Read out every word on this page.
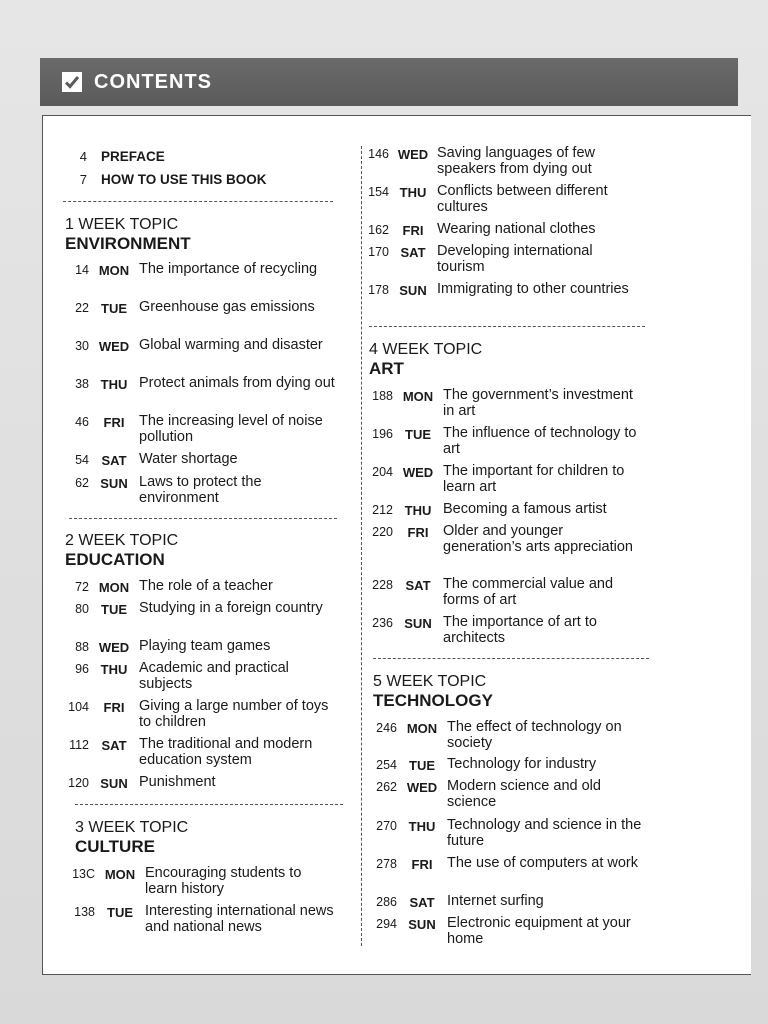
CONTENTS
4 PREFACE
7 HOW TO USE THIS BOOK
1 WEEK TOPIC
ENVIRONMENT
14 MON The importance of recycling
22 TUE Greenhouse gas emissions
30 WED Global warming and disaster
38 THU Protect animals from dying out
46	FRI	The increasing level of noise pollution
54 SAT Water shortage
62 SUN Laws to protect the environment
2 WEEK TOPIC
EDUCATION
72 MON The role of a teacher
80 TUE Studying in a foreign country
88 WED Playing team games
96 THU Academic and practical subjects
104	FRI	Giving a large number of toys to children
112 SAT The traditional and modern education system
120 SUN Punishment
3 WEEK TOPIC
CULTURE
13C MON Encouraging students to learn history
138 TUE Interesting international news and national news
146 WED Saving languages of few speakers from dying out
154 THU Conflicts between different cultures
162	FRI Wearing national clothes
170 SAT Developing international tourism
178 SUN Immigrating to other countries
4 WEEK TOPIC
ART
188 MON The government’s investment in art
196 TUE The influence of technology to art
204 WED The important for children to learn art
212 THU Becoming a famous artist
220	FRI	Older and younger generation’s arts appreciation
228 SAT The commercial value and forms of art
236 SUN The importance of art to architects
5 WEEK TOPIC
TECHNOLOGY
246 MON The effect of technology on society
254 TUE Technology for industry
262 WED Modern science and old science
270 THU Technology and science in the future
278	FRI	The use of computers at work
286 SAT Internet surfing
294 SUN Electronic equipment at your home
